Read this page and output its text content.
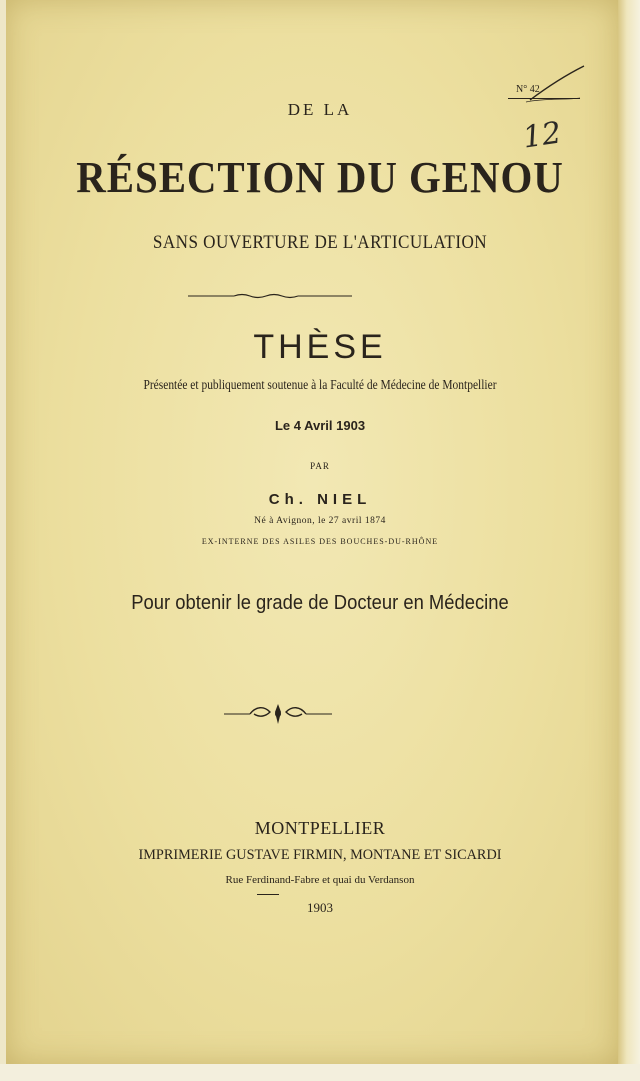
N° 42
12
DE LA
RÉSECTION DU GENOU
SANS OUVERTURE DE L'ARTICULATION
THÈSE
Présentée et publiquement soutenue à la Faculté de Médecine de Montpellier
Le 4 Avril 1903
PAR
Ch. NIEL
Né à Avignon, le 27 avril 1874
EX-INTERNE DES ASILES DES BOUCHES-DU-RHÔNE
Pour obtenir le grade de Docteur en Médecine
MONTPELLIER
IMPRIMERIE GUSTAVE FIRMIN, MONTANE ET SICARDI
Rue Ferdinand-Fabre et quai du Verdanson
1903
